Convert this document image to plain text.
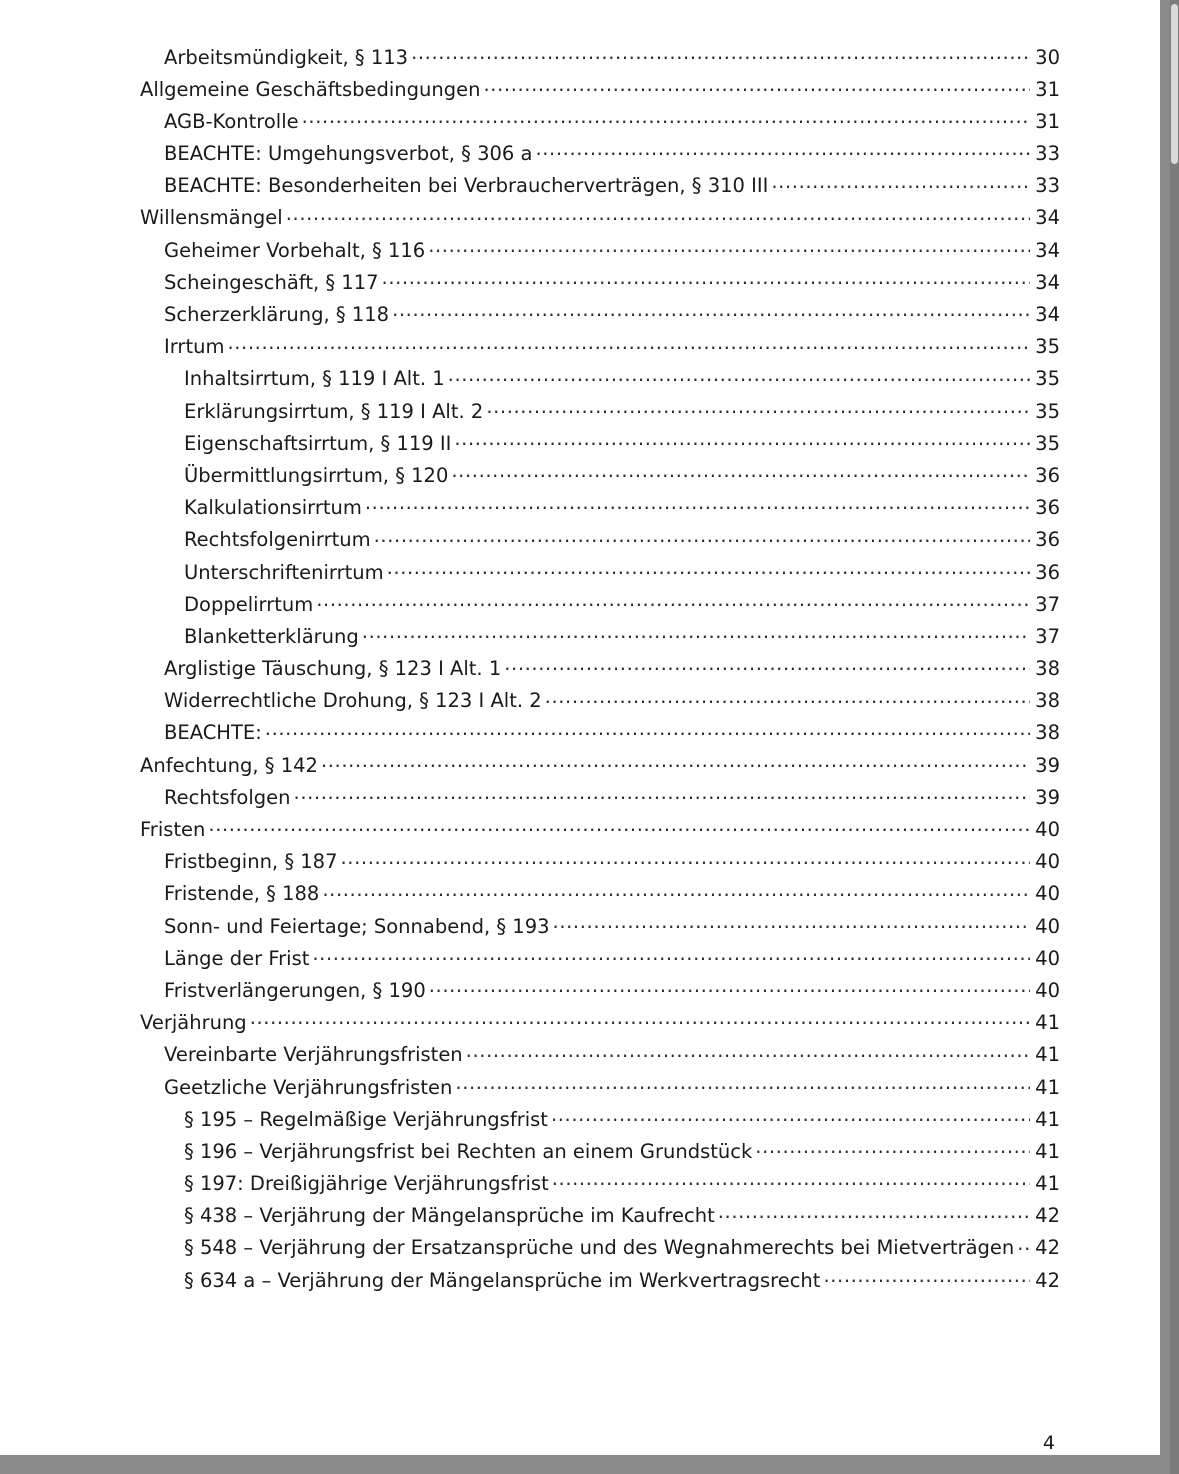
Arbeitsmündigkeit, § 113 .....	30
Allgemeine Geschäftsbedingungen .....	31
AGB-Kontrolle .....	31
BEACHTE: Umgehungsverbot, § 306 a .....	33
BEACHTE: Besonderheiten bei Verbraucherverträgen, § 310 III .....	33
Willensmängel .....	34
Geheimer Vorbehalt, § 116 .....	34
Scheingeschäft, § 117 .....	34
Scherzerklärung, § 118 .....	34
Irrtum .....	35
Inhaltsirrtum, § 119 I Alt. 1 .....	35
Erklärungsirrtum, § 119 I Alt. 2 .....	35
Eigenschaftsirrtum, § 119 II .....	35
Übermittlungsirrtum, § 120 .....	36
Kalkulationsirrtum .....	36
Rechtsfolgenirrtum .....	36
Unterschriftenirrtum .....	36
Doppelirrtum .....	37
Blanketterklärung .....	37
Arglistige Täuschung, § 123 I Alt. 1 .....	38
Widerrechtliche Drohung, § 123 I Alt. 2 .....	38
BEACHTE: .....	38
Anfechtung, § 142 .....	39
Rechtsfolgen .....	39
Fristen .....	40
Fristbeginn, § 187 .....	40
Fristende, § 188 .....	40
Sonn- und Feiertage; Sonnabend, § 193 .....	40
Länge der Frist .....	40
Fristverlängerungen, § 190 .....	40
Verjährung .....	41
Vereinbarte Verjährungsfristen .....	41
Geetzliche Verjährungsfristen .....	41
§ 195 – Regelmäßige Verjährungsfrist .....	41
§ 196 – Verjährungsfrist bei Rechten an einem Grundstück .....	41
§ 197: Dreißigjährige Verjährungsfrist .....	41
§ 438 – Verjährung der Mängelansprüche im Kaufrecht .....	42
§ 548 – Verjährung der Ersatzansprüche und des Wegnahmerechts bei Mietverträgen ..... 42
§ 634 a – Verjährung der Mängelansprüche im Werkvertragsrecht .....	42
4
